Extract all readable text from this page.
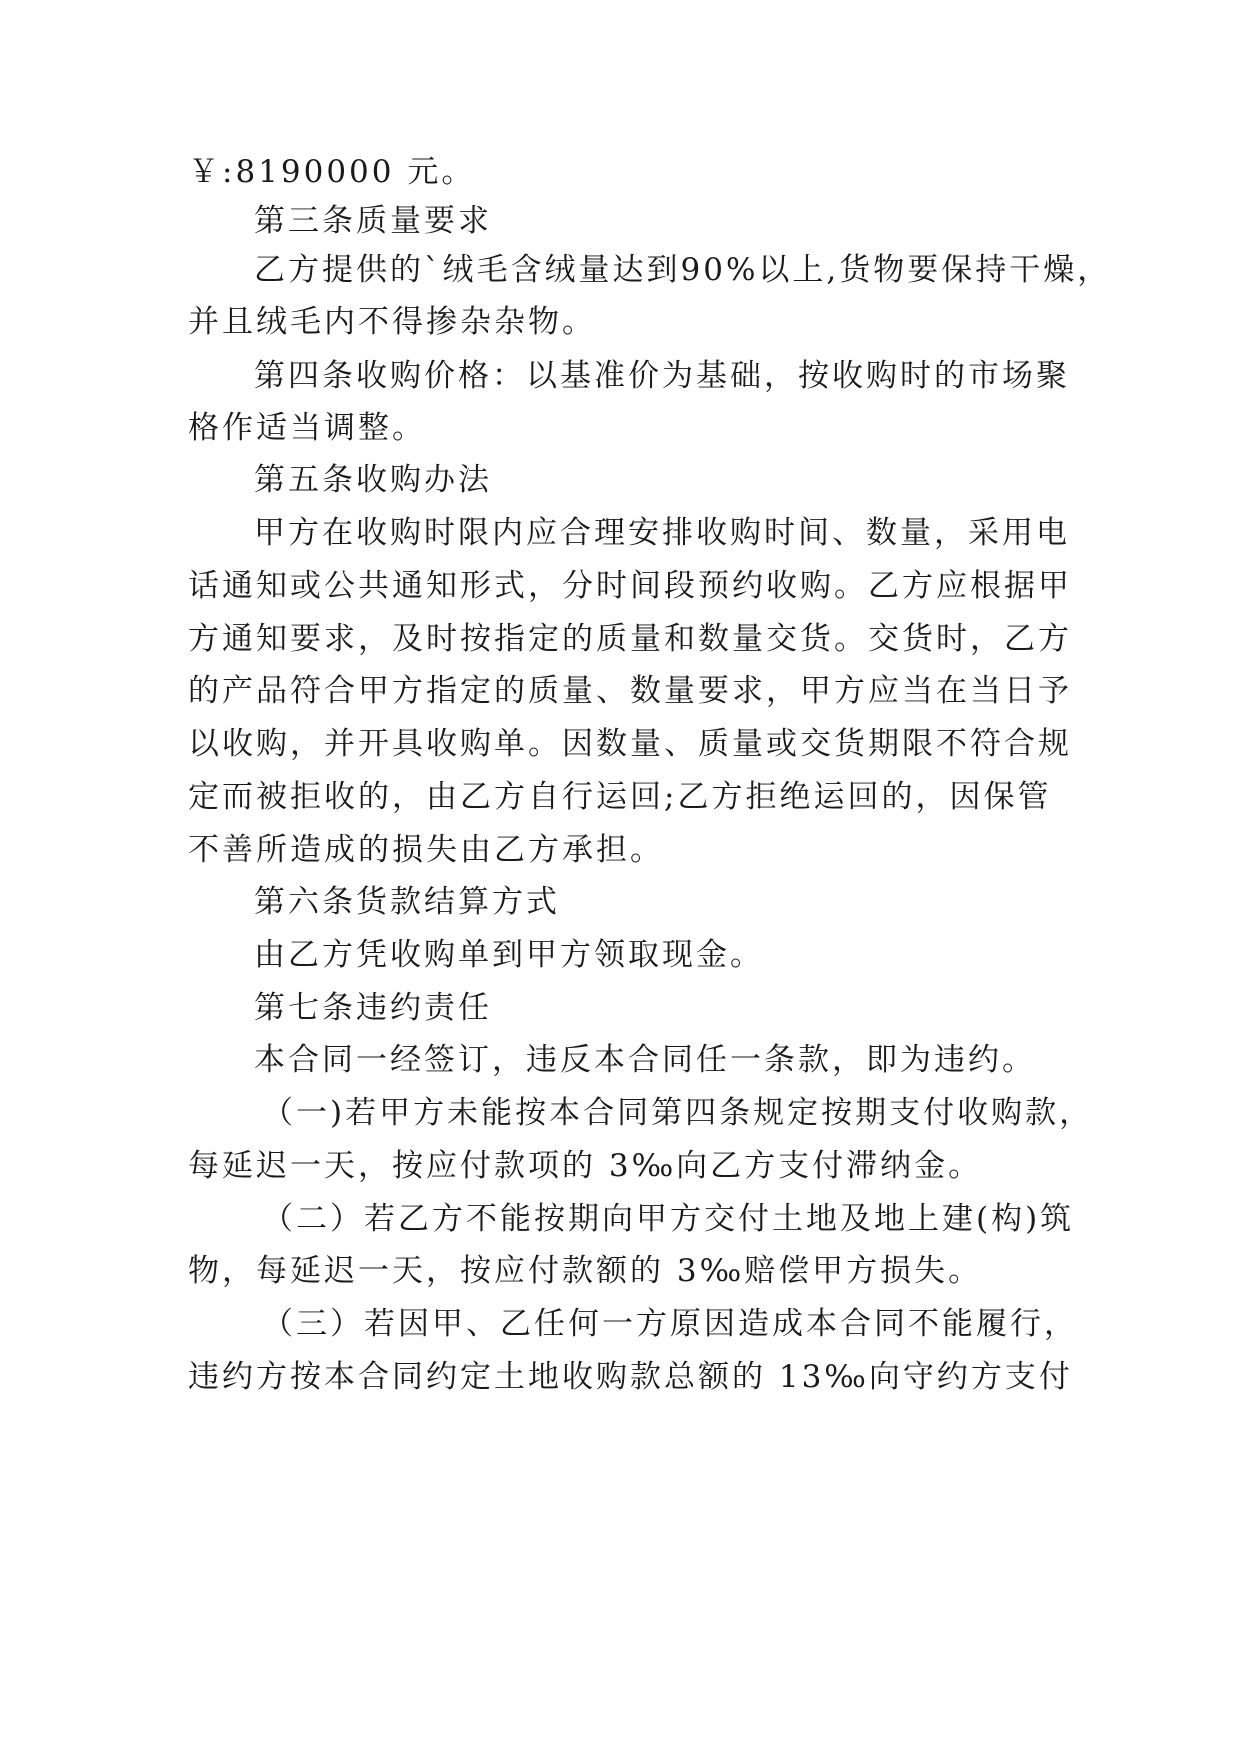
￥:8190000 元。
第三条质量要求
乙方提供的`绒毛含绒量达到90%以上,货物要保持干燥，
并且绒毛内不得掺杂杂物。
第四条收购价格：以基准价为基础，按收购时的市场聚
格作适当调整。
第五条收购办法
甲方在收购时限内应合理安排收购时间、数量，采用电
话通知或公共通知形式，分时间段预约收购。乙方应根据甲
方通知要求，及时按指定的质量和数量交货。交货时，乙方
的产品符合甲方指定的质量、数量要求，甲方应当在当日予
以收购，并开具收购单。因数量、质量或交货期限不符合规
定而被拒收的，由乙方自行运回;乙方拒绝运回的，因保管
不善所造成的损失由乙方承担。
第六条货款结算方式
由乙方凭收购单到甲方领取现金。
第七条违约责任
本合同一经签订，违反本合同任一条款，即为违约。
（一)若甲方未能按本合同第四条规定按期支付收购款，
每延迟一天，按应付款项的 3‰向乙方支付滞纳金。
（二）若乙方不能按期向甲方交付土地及地上建(构)筑
物，每延迟一天，按应付款额的 3‰赔偿甲方损失。
（三）若因甲、乙任何一方原因造成本合同不能履行，
违约方按本合同约定土地收购款总额的 13‰向守约方支付
